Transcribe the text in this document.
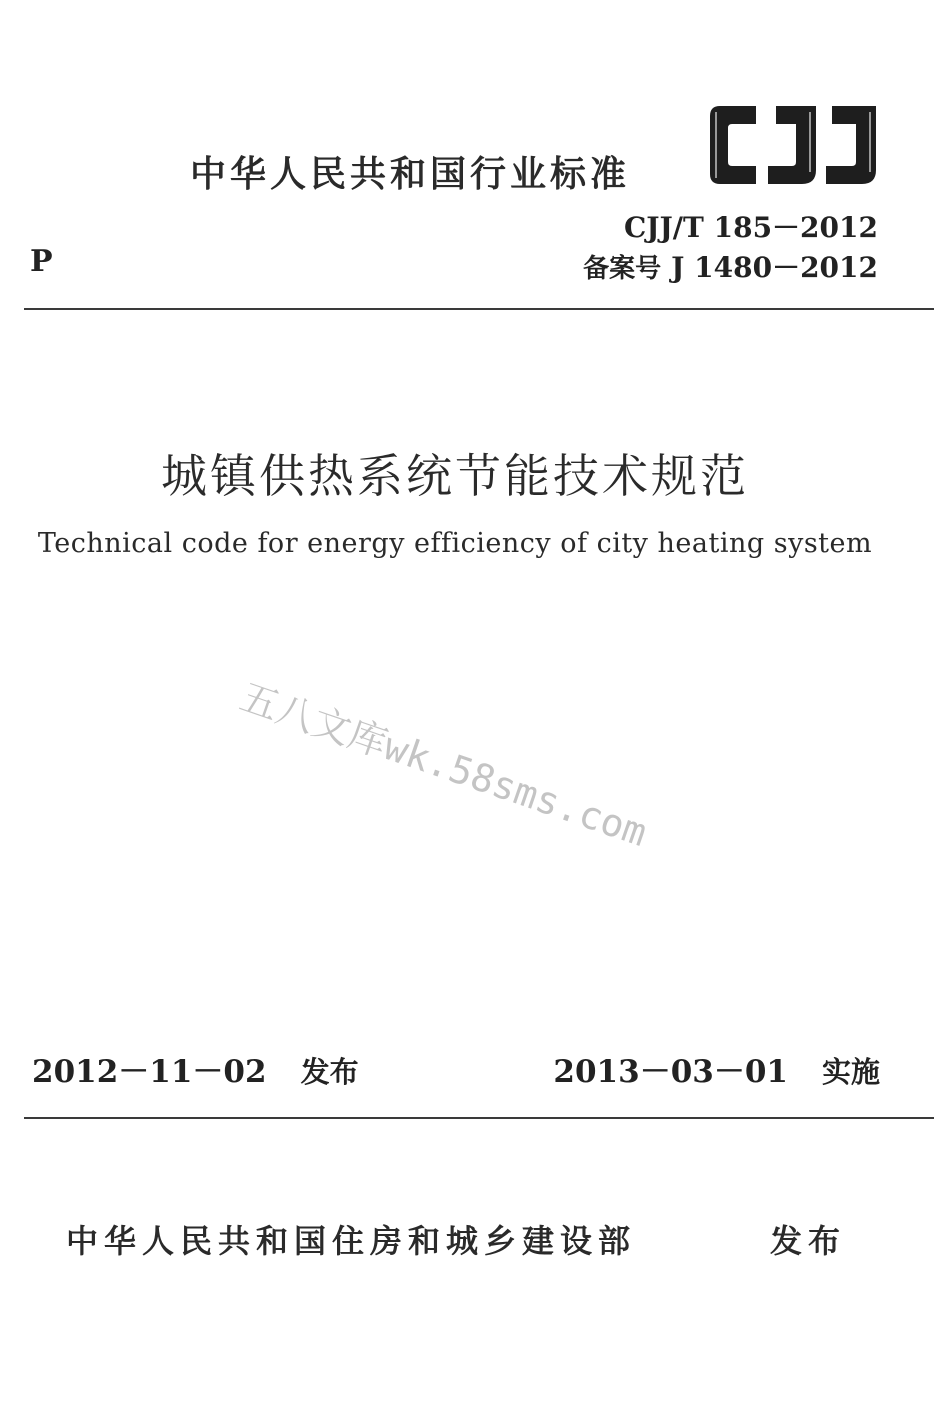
中华人民共和国行业标准
P
CJJ/T 185－2012
备案号 J 1480－2012
城镇供热系统节能技术规范
Technical code for energy efficiency of city heating system
五八文库wk.58sms.com
2012－11－02 发布	2013－03－01 实施
中华人民共和国住房和城乡建设部	发布
